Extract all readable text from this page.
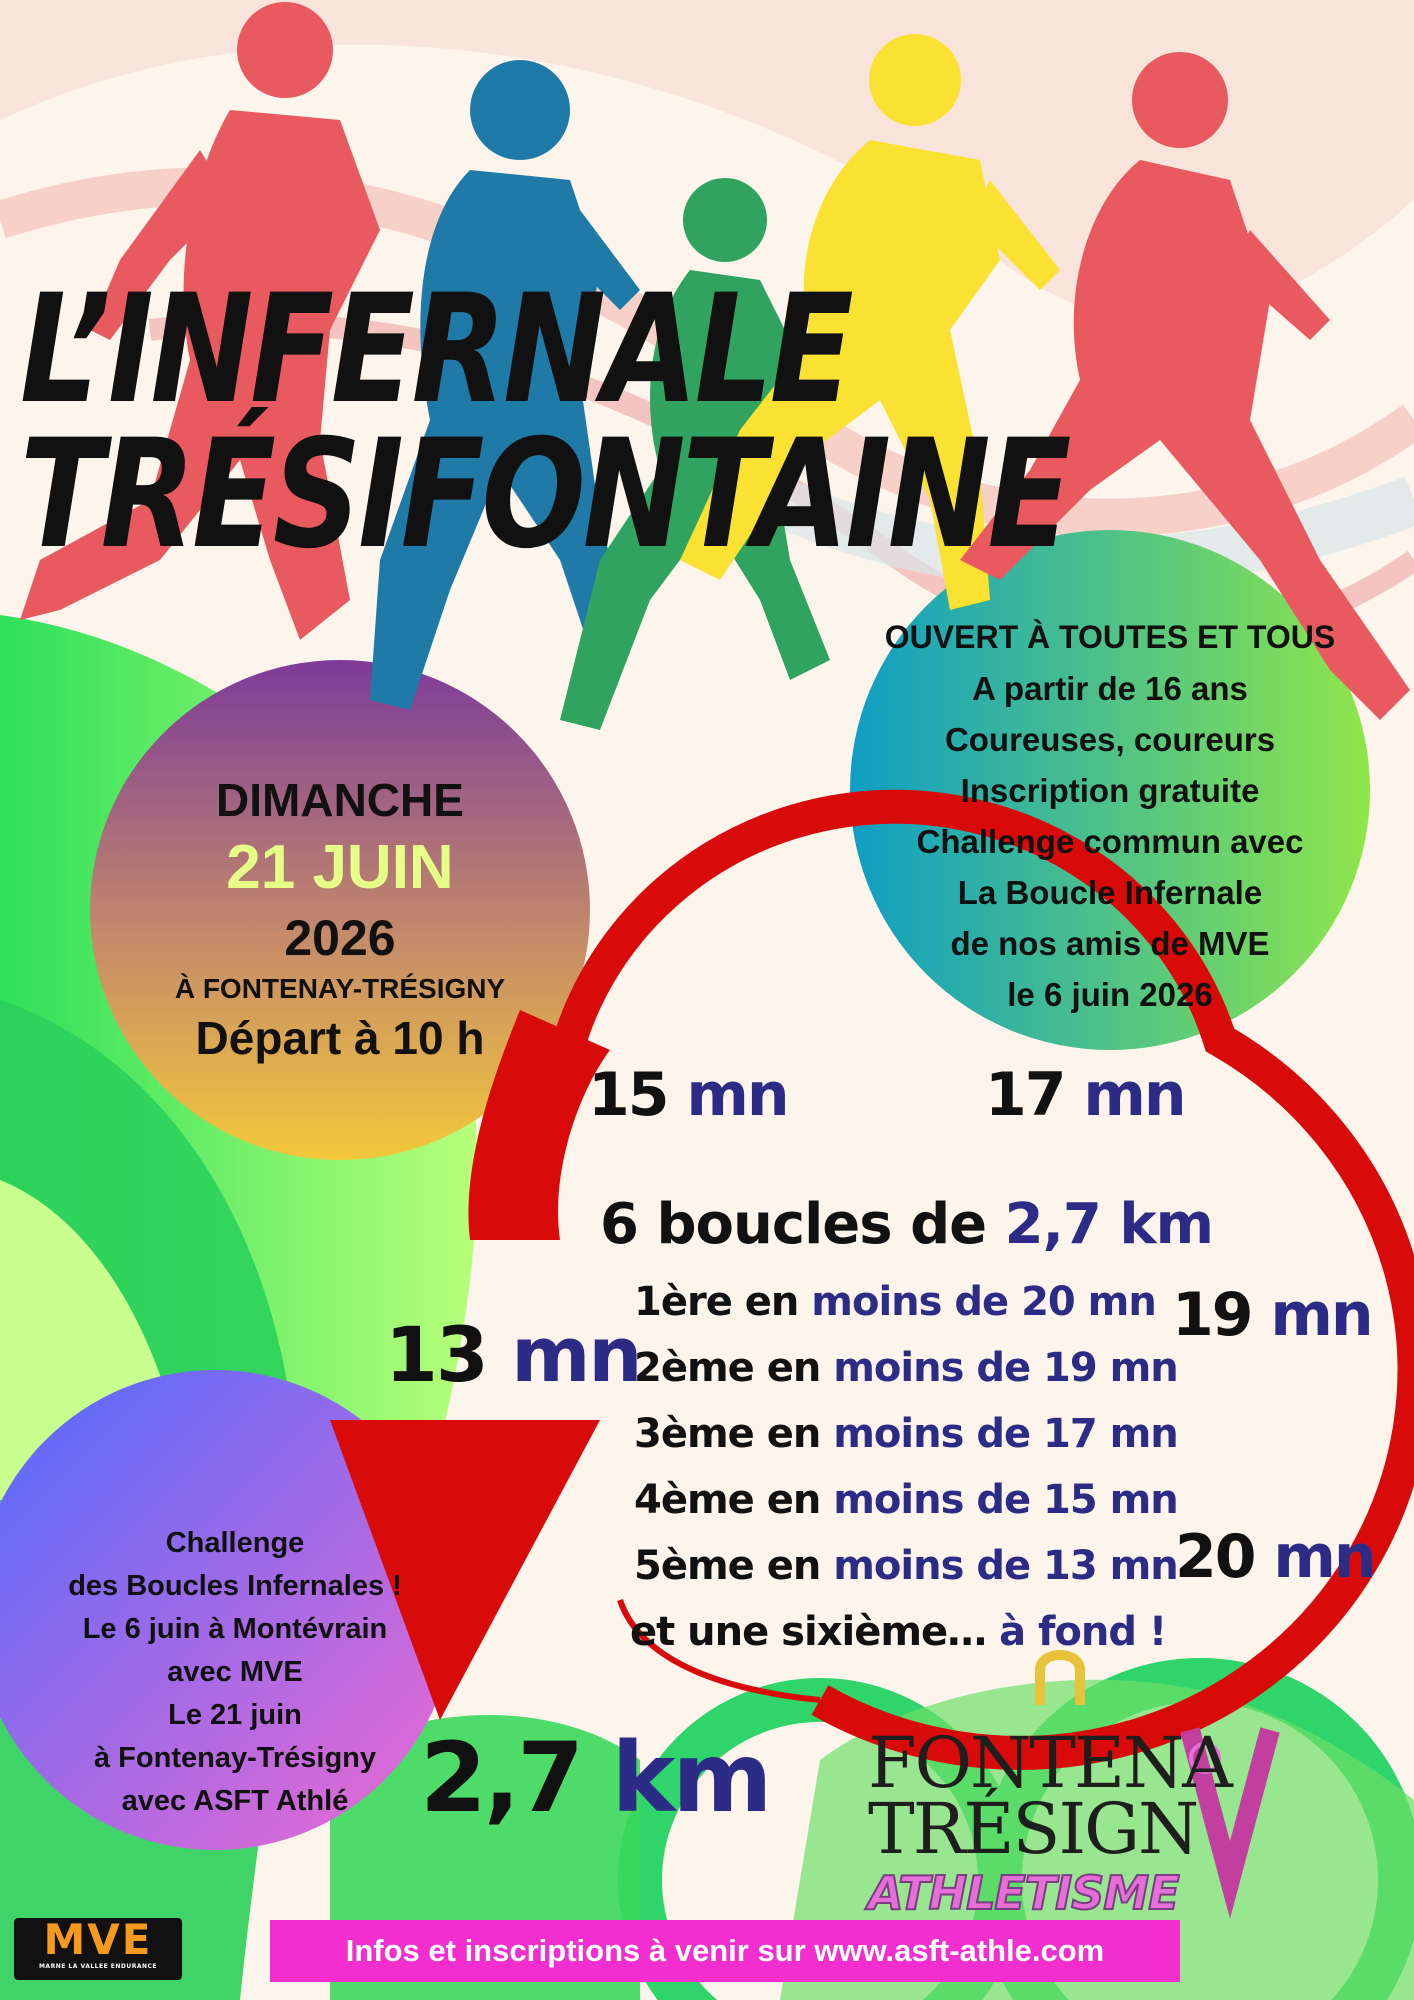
L’INFERNALE
TRÉSIFONTAINE
DIMANCHE
21 JUIN
2026
À FONTENAY-TRÉSIGNY
Départ à 10 h
OUVERT À TOUTES ET TOUS
A partir de 16 ans
Coureuses, coureurs
Inscription gratuite
Challenge commun avec
La Boucle Infernale
de nos amis de MVE
le 6 juin 2026
15 mn	17 mn
13 mn	19 mn
20 mn
6 boucles de 2,7 km
1ère en moins de 20 mn
2ème en moins de 19 mn
3ème en moins de 17 mn
4ème en moins de 15 mn
5ème en moins de 13 mn
et une sixième… à fond !
Challenge
des Boucles Infernales !
Le 6 juin à Montévrain
avec MVE
Le 21 juin
à Fontenay-Trésigny
avec ASFT Athlé 2,7 km FONTENA
TRÉSIGN
ATHLETISME
MVE
MARNE LA VALLEE ENDURANCE	Infos et inscriptions à venir sur www.asft-athle.com
